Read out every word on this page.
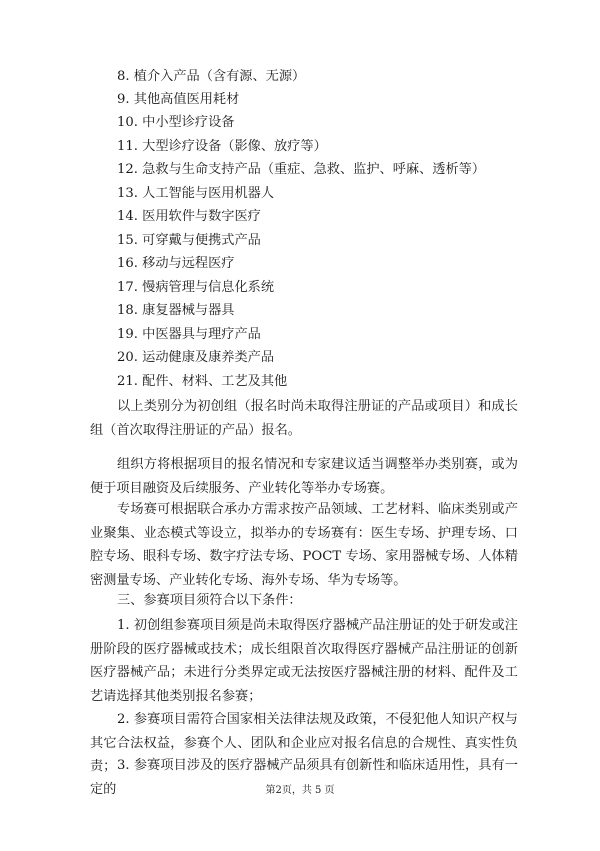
8. 植介入产品（含有源、无源）
9. 其他高值医用耗材
10. 中小型诊疗设备
11. 大型诊疗设备（影像、放疗等）
12. 急救与生命支持产品（重症、急救、监护、呼麻、透析等）
13. 人工智能与医用机器人
14. 医用软件与数字医疗
15. 可穿戴与便携式产品
16. 移动与远程医疗
17. 慢病管理与信息化系统
18. 康复器械与器具
19. 中医器具与理疗产品
20. 运动健康及康养类产品
21. 配件、材料、工艺及其他

以上类别分为初创组（报名时尚未取得注册证的产品或项目）和成长组（首次取得注册证的产品）报名。

组织方将根据项目的报名情况和专家建议适当调整举办类别赛，或为便于项目融资及后续服务、产业转化等举办专场赛。

专场赛可根据联合承办方需求按产品领域、工艺材料、临床类别或产业聚集、业态模式等设立，拟举办的专场赛有：医生专场、护理专场、口腔专场、眼科专场、数字疗法专场、POCT 专场、家用器械专场、人体精密测量专场、产业转化专场、海外专场、华为专场等。

三、参赛项目须符合以下条件：

1. 初创组参赛项目须是尚未取得医疗器械产品注册证的处于研发或注册阶段的医疗器械或技术；成长组限首次取得医疗器械产品注册证的创新医疗器械产品；未进行分类界定或无法按医疗器械注册的材料、配件及工艺请选择其他类别报名参赛；

2. 参赛项目需符合国家相关法律法规及政策，不侵犯他人知识产权与其它合法权益，参赛个人、团队和企业应对报名信息的合规性、真实性负责； 3. 参赛项目涉及的医疗器械产品须具有创新性和临床适用性，具有一定的	第2页，共 5 页
